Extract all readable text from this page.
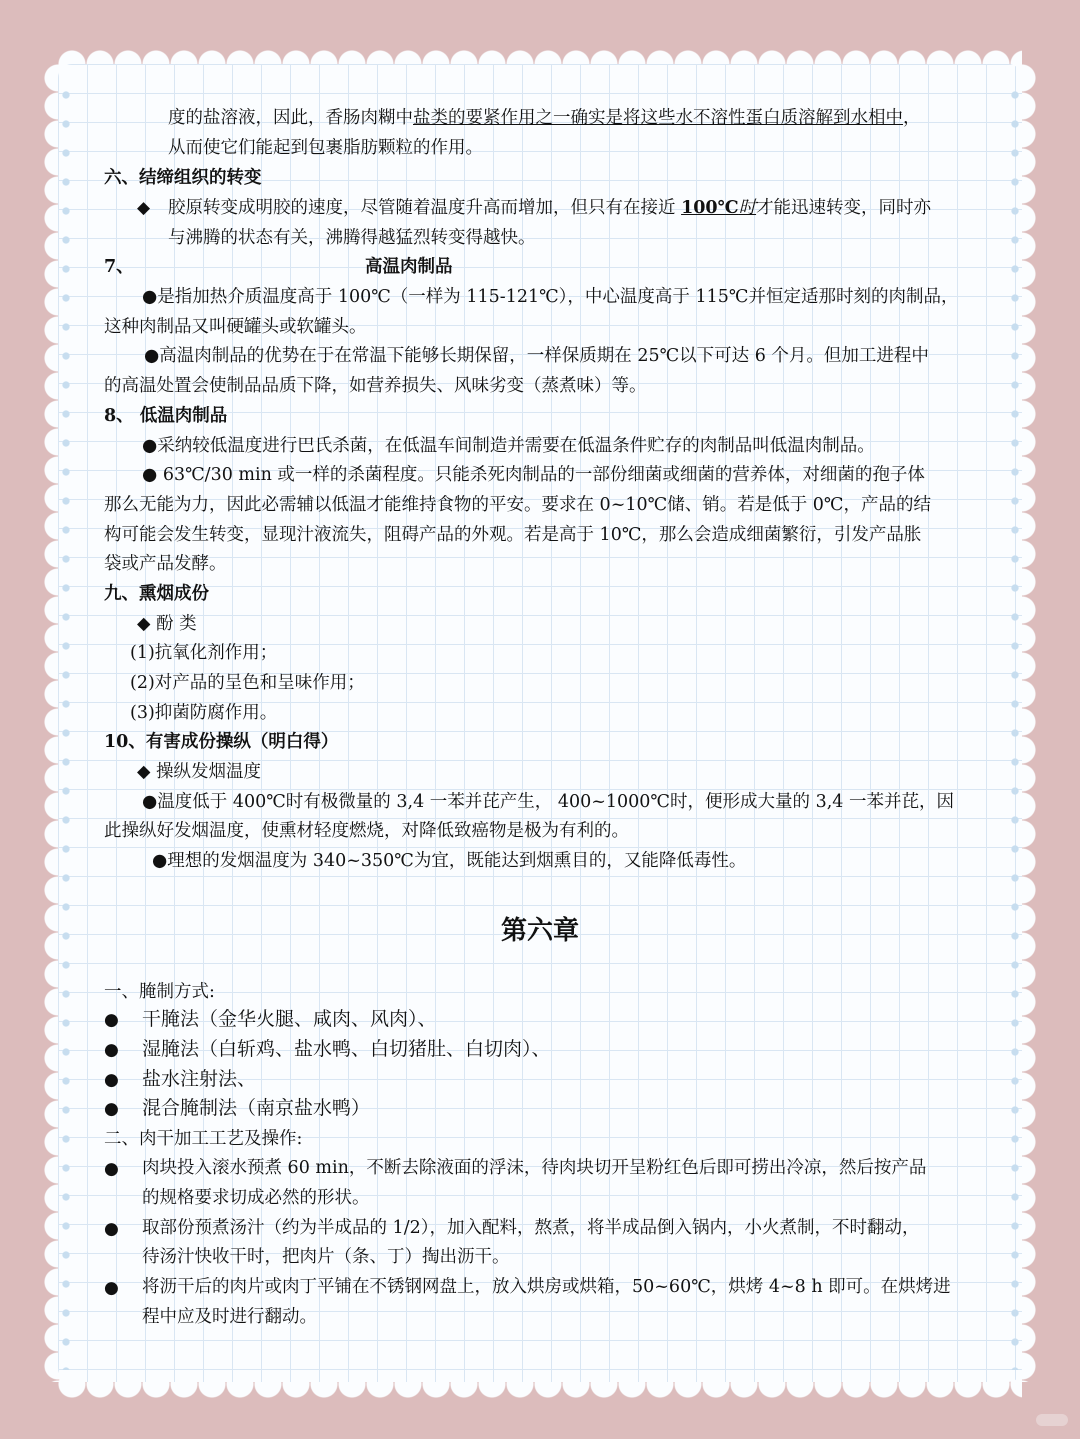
度的盐溶液，因此，香肠肉糊中盐类的要紧作用之一确实是将这些水不溶性蛋白质溶解到水相中，
从而使它们能起到包裹脂肪颗粒的作用。
六、结缔组织的转变
◆ 胶原转变成明胶的速度，尽管随着温度升高而增加，但只有在接近 100℃时才能迅速转变，同时亦
与沸腾的状态有关，沸腾得越猛烈转变得越快。
7、	高温肉制品
●是指加热介质温度高于 100℃（一样为 115-121℃），中心温度高于 115℃并恒定适那时刻的肉制品，
这种肉制品又叫硬罐头或软罐头。
●高温肉制品的优势在于在常温下能够长期保留，一样保质期在 25℃以下可达 6 个月。但加工进程中
的高温处置会使制品品质下降，如营养损失、风味劣变（蒸煮味）等。
8、 低温肉制品
●采纳较低温度进行巴氏杀菌，在低温车间制造并需要在低温条件贮存的肉制品叫低温肉制品。
● 63℃/30 min 或一样的杀菌程度。只能杀死肉制品的一部份细菌或细菌的营养体，对细菌的孢子体
那么无能为力，因此必需辅以低温才能维持食物的平安。要求在 0~10℃储、销。若是低于 0℃，产品的结
构可能会发生转变，显现汁液流失，阻碍产品的外观。若是高于 10℃，那么会造成细菌繁衍，引发产品胀
袋或产品发酵。
九、熏烟成份
◆ 酚 类
(1)抗氧化剂作用；
(2)对产品的呈色和呈味作用；
(3)抑菌防腐作用。
10、有害成份操纵（明白得）
◆ 操纵发烟温度
●温度低于 400℃时有极微量的 3,4 一苯并芘产生， 400~1000℃时，便形成大量的 3,4 一苯并芘，因
此操纵好发烟温度，使熏材轻度燃烧，对降低致癌物是极为有利的。
●理想的发烟温度为 340~350℃为宜，既能达到烟熏目的，又能降低毒性。
第六章
一、腌制方式:
● 干腌法（金华火腿、咸肉、风肉）、
● 湿腌法（白斩鸡、盐水鸭、白切猪肚、白切肉）、
● 盐水注射法、
● 混合腌制法（南京盐水鸭）
二、肉干加工工艺及操作:
● 肉块投入滚水预煮 60 min，不断去除液面的浮沫，待肉块切开呈粉红色后即可捞出冷凉，然后按产品
的规格要求切成必然的形状。
● 取部份预煮汤汁（约为半成品的 1/2），加入配料，熬煮，将半成品倒入锅内，小火煮制，不时翻动，
待汤汁快收干时，把肉片（条、丁）掏出沥干。
● 将沥干后的肉片或肉丁平铺在不锈钢网盘上，放入烘房或烘箱，50~60℃，烘烤 4~8 h 即可。在烘烤进
程中应及时进行翻动。
